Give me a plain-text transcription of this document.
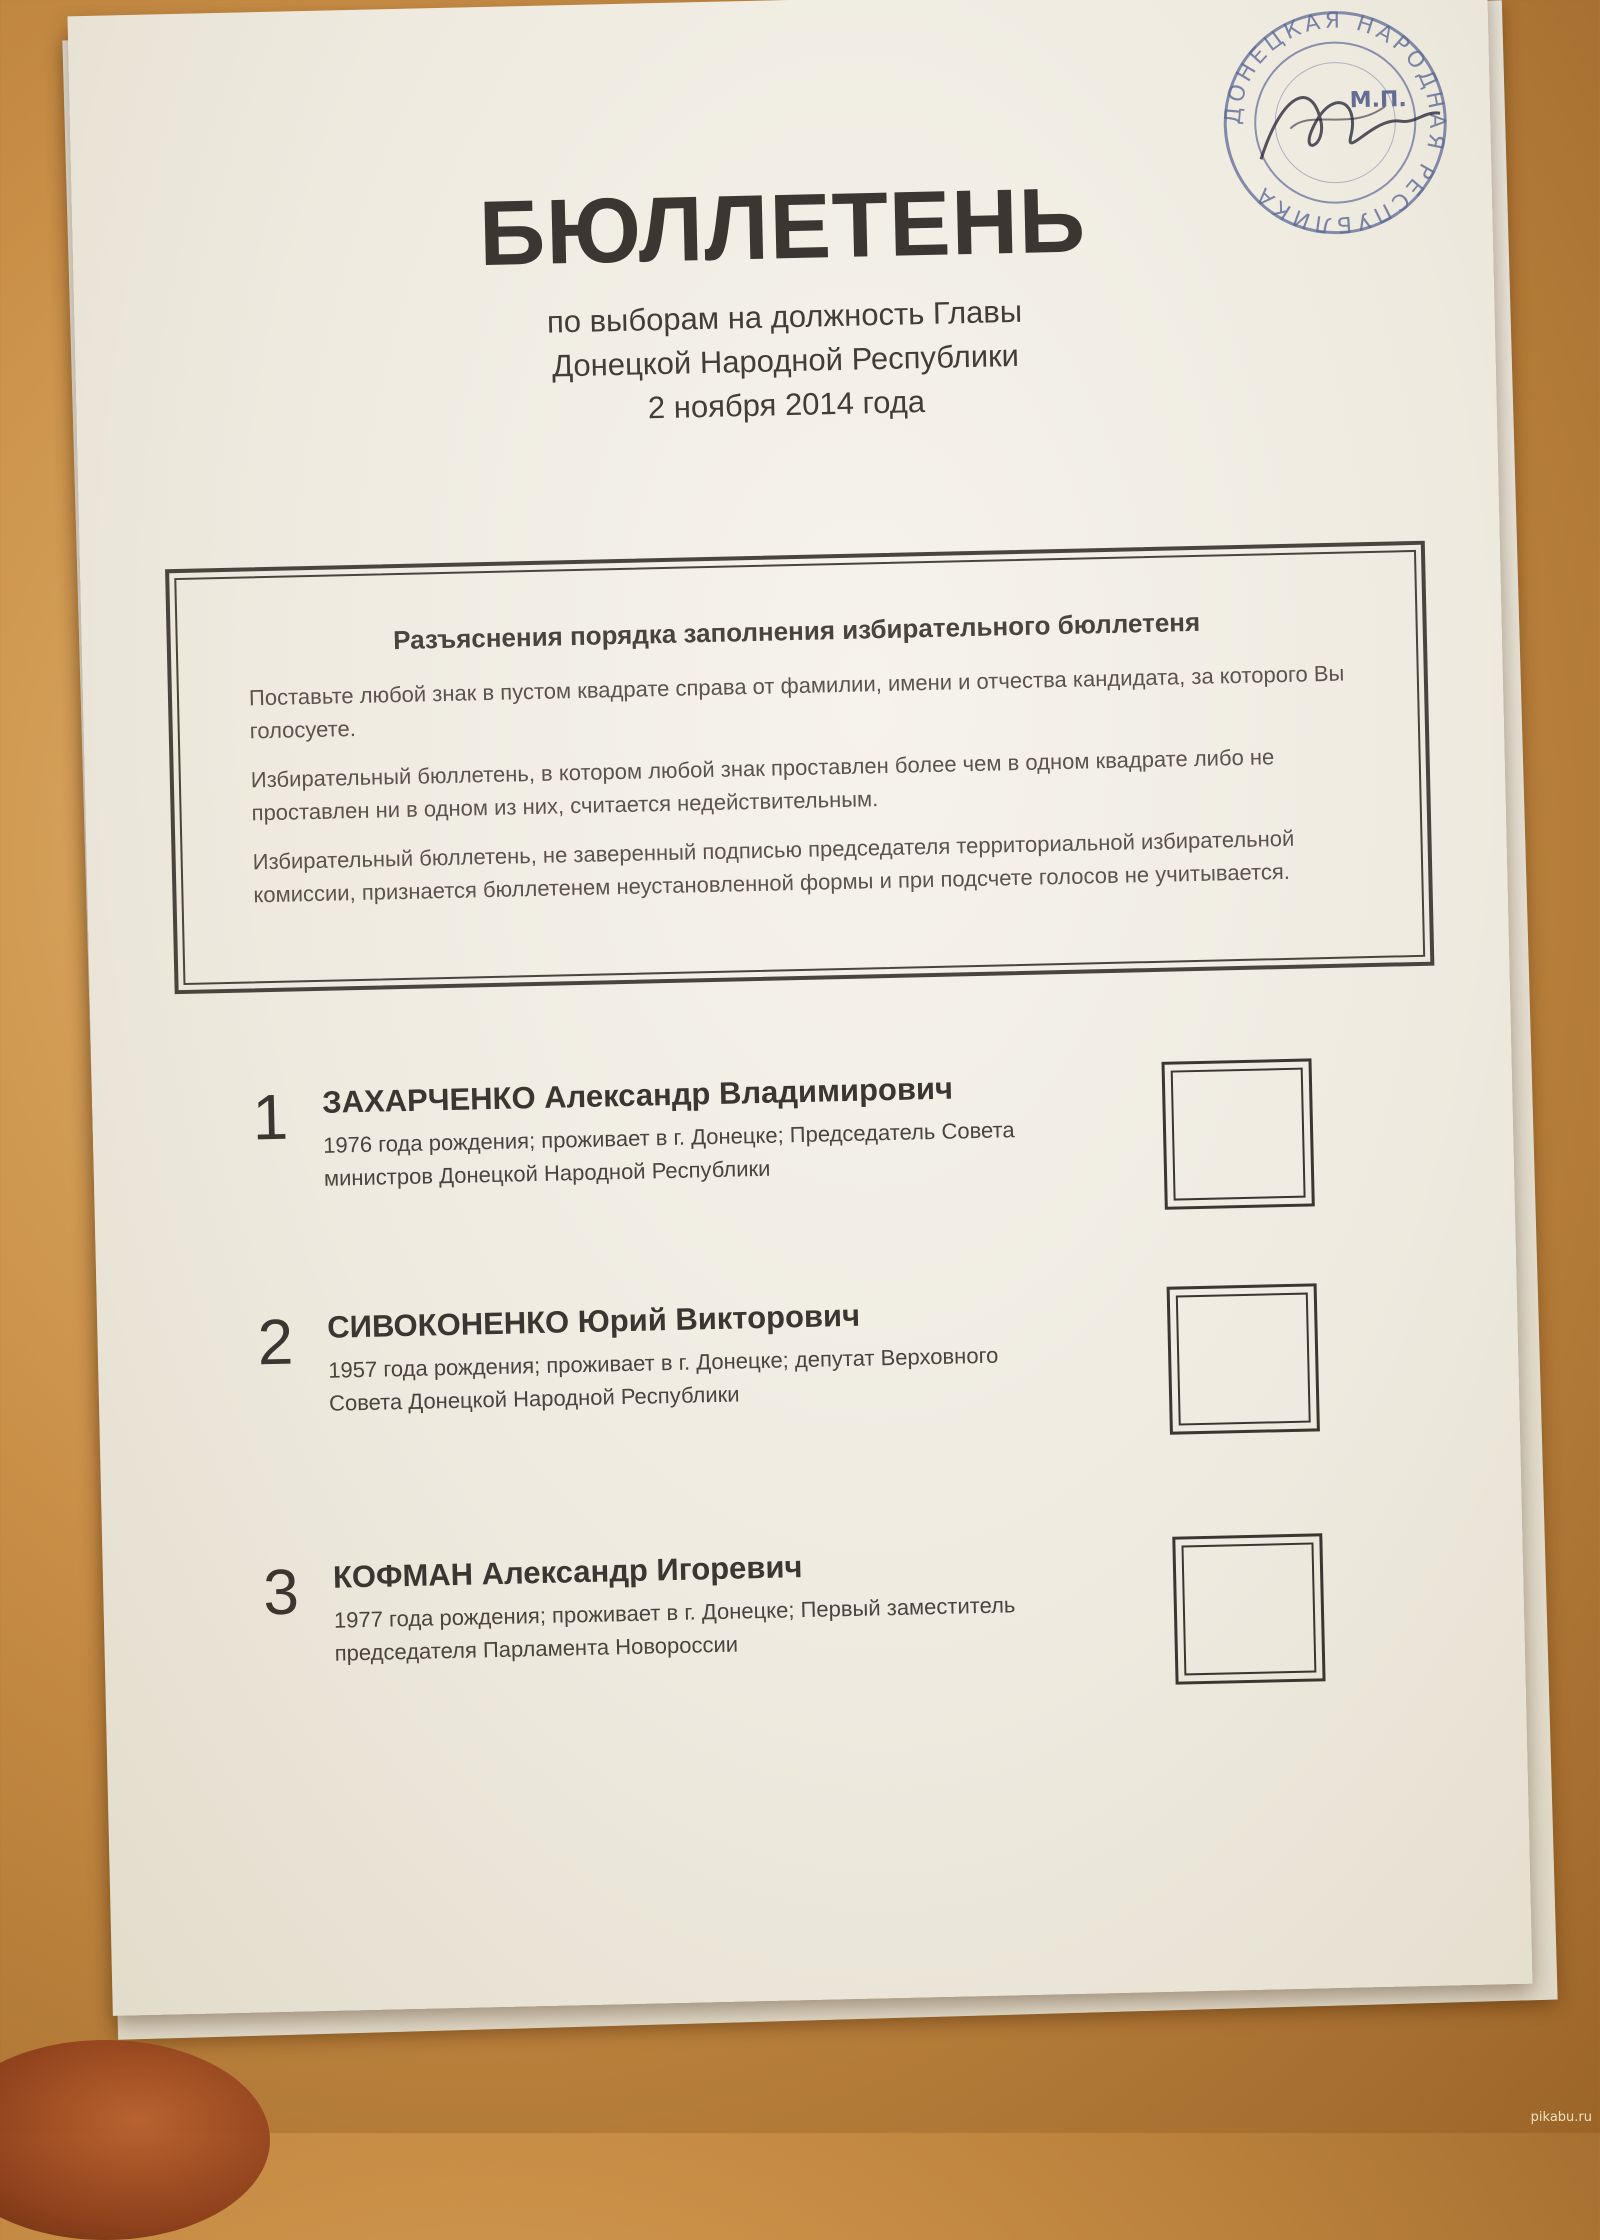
ДОНЕЦКАЯ НАРОДНАЯ РЕСПУБЛИКА
М.П.
БЮЛЛЕТЕНЬ
по выборам на должность Главы
Донецкой Народной Республики
2 ноября 2014 года
Разъяснения порядка заполнения избирательного бюллетеня

Поставьте любой знак в пустом квадрате справа от фамилии, имени и отчества кандидата, за которого Вы голосуете.

Избирательный бюллетень, в котором любой знак проставлен более чем в одном квадрате либо не проставлен ни в одном из них, считается недействительным.

Избирательный бюллетень, не заверенный подписью председателя территориальной избирательной комиссии, признается бюллетенем неустановленной формы и при подсчете голосов не учитывается.

1 ЗАХАРЧЕНКО Александр Владимирович
1976 года рождения; проживает в г. Донецке; Председатель Совета министров Донецкой Народной Республики
2 СИВОКОНЕНКО Юрий Викторович
1957 года рождения; проживает в г. Донецке; депутат Верховного Совета Донецкой Народной Республики
3 КОФМАН Александр Игоревич
1977 года рождения; проживает в г. Донецке; Первый заместитель председателя Парламента Новороссии
pikabu.ru
